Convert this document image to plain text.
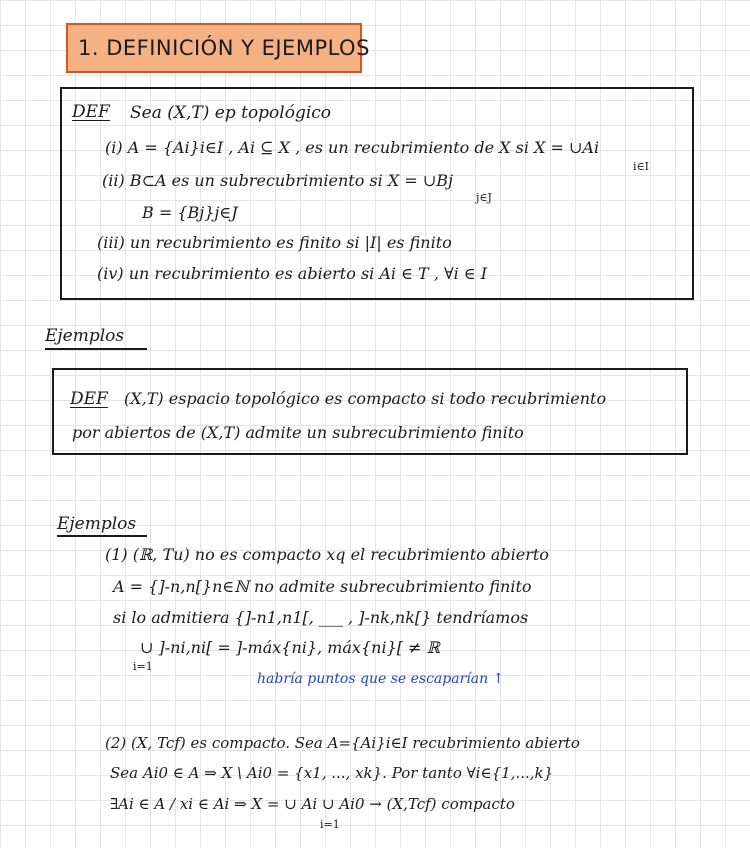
1. DEFINICIÓN Y EJEMPLOS
DEF Sea (X,T) ep topológico
(i) A = {Ai}i∈I , Ai ⊆ X , es un recubrimiento de X si X = ∪Ai
i∈I
(ii) B⊂A es un subrecubrimiento si X = ∪Bj
j∈J
B = {Bj}j∈J
(iii) un recubrimiento es finito si |I| es finito
(iv) un recubrimiento es abierto si Ai ∈ T , ∀i ∈ I
Ejemplos
DEF (X,T) espacio topológico es compacto si todo recubrimiento
por abiertos de (X,T) admite un subrecubrimiento finito
Ejemplos
(1) (ℝ, Tu) no es compacto xq el recubrimiento abierto
A = {]-n,n[}n∈ℕ no admite subrecubrimiento finito
si lo admitiera {]-n1,n1[, ___ , ]-nk,nk[} tendríamos
∪ ]-ni,ni[ = ]-máx{ni}, máx{ni}[ ≠ ℝ
i=1
habría puntos que se escaparían ↑
(2) (X, Tcf) es compacto. Sea A={Ai}i∈I recubrimiento abierto
Sea Ai0 ∈ A ⇒ X \ Ai0 = {x1, ..., xk}. Por tanto ∀i∈{1,...,k}
∃Ai ∈ A / xi ∈ Ai ⇒ X = ∪ Ai ∪ Ai0 → (X,Tcf) compacto
i=1
